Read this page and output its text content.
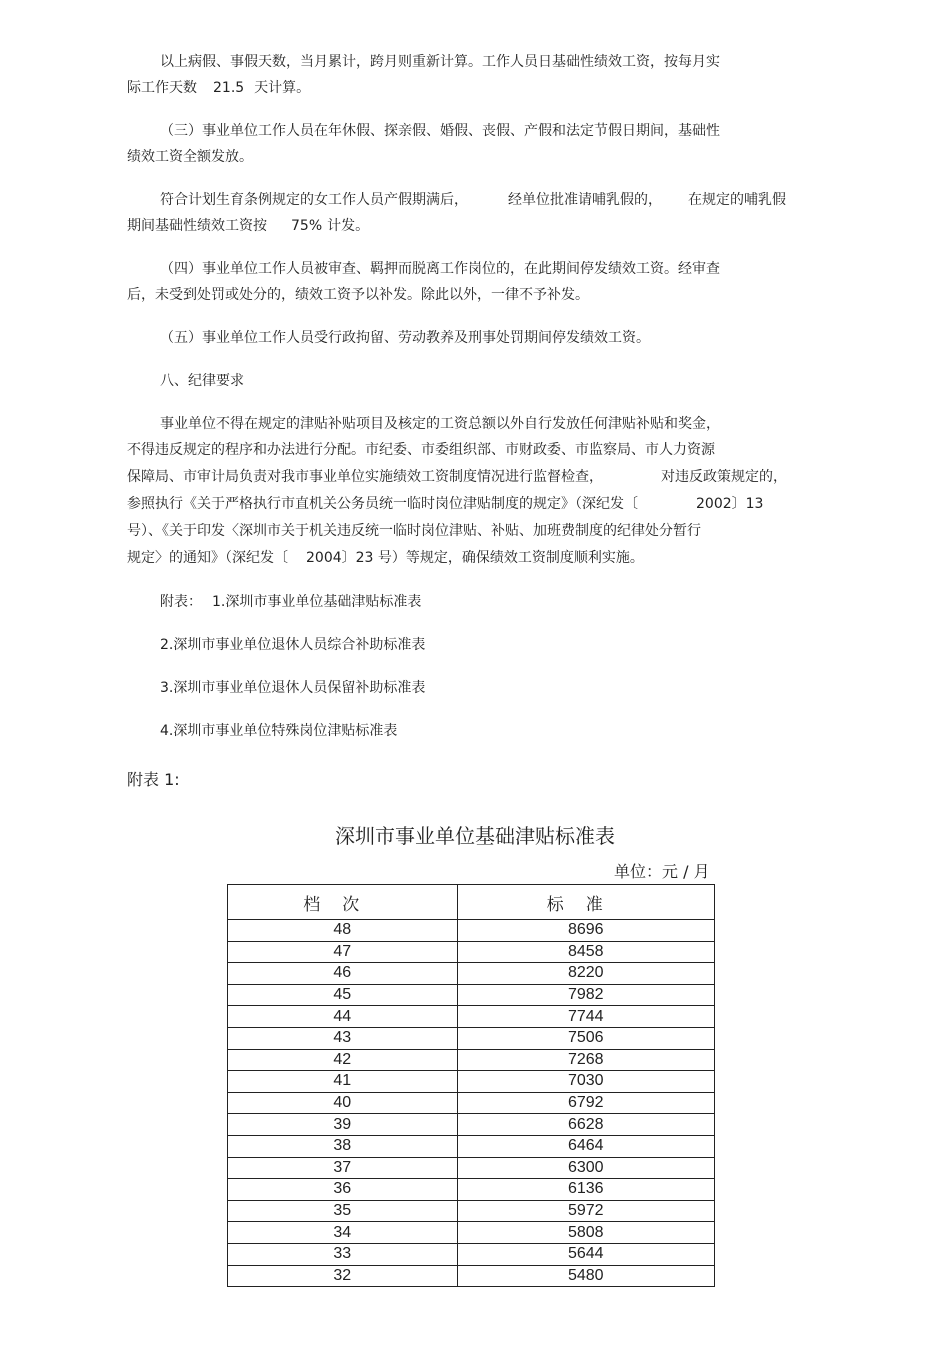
以上病假、事假天数，当月累计，跨月则重新计算。工作人员日基础性绩效工资，按每月实
际工作天数 21.5 天计算。
（三）事业单位工作人员在年休假、探亲假、婚假、丧假、产假和法定节假日期间，基础性
绩效工资全额发放。
符合计划生育条例规定的女工作人员产假期满后，	经单位批准请哺乳假的， 在规定的哺乳假
期间基础性绩效工资按 75% 计发。
（四）事业单位工作人员被审查、羁押而脱离工作岗位的，在此期间停发绩效工资。经审查
后，未受到处罚或处分的，绩效工资予以补发。除此以外，一律不予补发。
（五）事业单位工作人员受行政拘留、劳动教养及刑事处罚期间停发绩效工资。
八、纪律要求
事业单位不得在规定的津贴补贴项目及核定的工资总额以外自行发放任何津贴补贴和奖金，
不得违反规定的程序和办法进行分配。市纪委、市委组织部、市财政委、市监察局、市人力资源
保障局、市审计局负责对我市事业单位实施绩效工资制度情况进行监督检查，	对违反政策规定的，
参照执行《关于严格执行市直机关公务员统一临时岗位津贴制度的规定》（深纪发〔	2002〕13
号）、《关于印发〈深圳市关于机关违反统一临时岗位津贴、补贴、加班费制度的纪律处分暂行
规定〉的通知》（深纪发〔 2004〕23 号）等规定，确保绩效工资制度顺利实施。
附表： 1.深圳市事业单位基础津贴标准表
2.深圳市事业单位退休人员综合补助标准表
3.深圳市事业单位退休人员保留补助标准表
4.深圳市事业单位特殊岗位津贴标准表
附表 1:
深圳市事业单位基础津贴标准表
单位：元 / 月
档次	标准
48	8696
47	8458
46	8220
45	7982
44	7744
43	7506
42	7268
41	7030
40	6792
39	6628
38	6464
37	6300
36	6136
35	5972
34	5808
33	5644
32	5480
